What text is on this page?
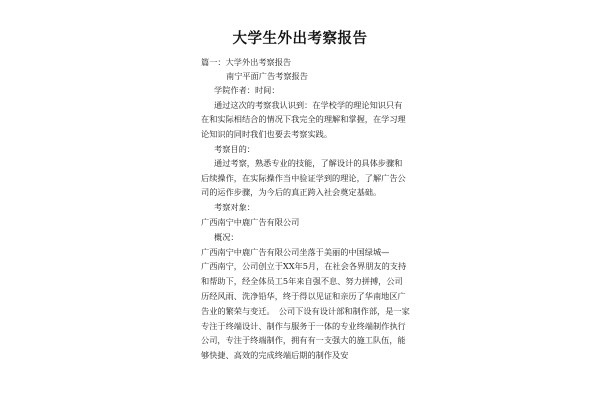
大学生外出考察报告
篇一：大学外出考察报告
南宁平面广告考察报告
学院作者：时间：
通过这次的考察我认识到：在学校学的理论知识只有
在和实际相结合的情况下我完全的理解和掌握，在学习理
论知识的同时我们也要去考察实践。
考察目的：
通过考察，熟悉专业的技能，了解设计的具体步骤和
后续操作，在实际操作当中验证学到的理论，了解广告公
司的运作步骤，为今后的真正跨入社会奠定基础。
考察对象：
广西南宁中鹿广告有限公司
概况：
广西南宁中鹿广告有限公司坐落于美丽的中国绿城—
广西南宁，公司创立于XX年5月，在社会各界朋友的支持
和帮助下，经全体员工5年来自强不息、努力拼搏，公司
历经风雨、洗净铅华，终于得以见证和亲历了华南地区广
告业的繁荣与变迁。　公司下设有设计部和制作部，是一家
专注于终端设计、制作与服务于一体的专业终端制作执行
公司，专注于终端制作，拥有有一支强大的施工队伍，能
够快捷、高效的完成终端后期的制作及安
